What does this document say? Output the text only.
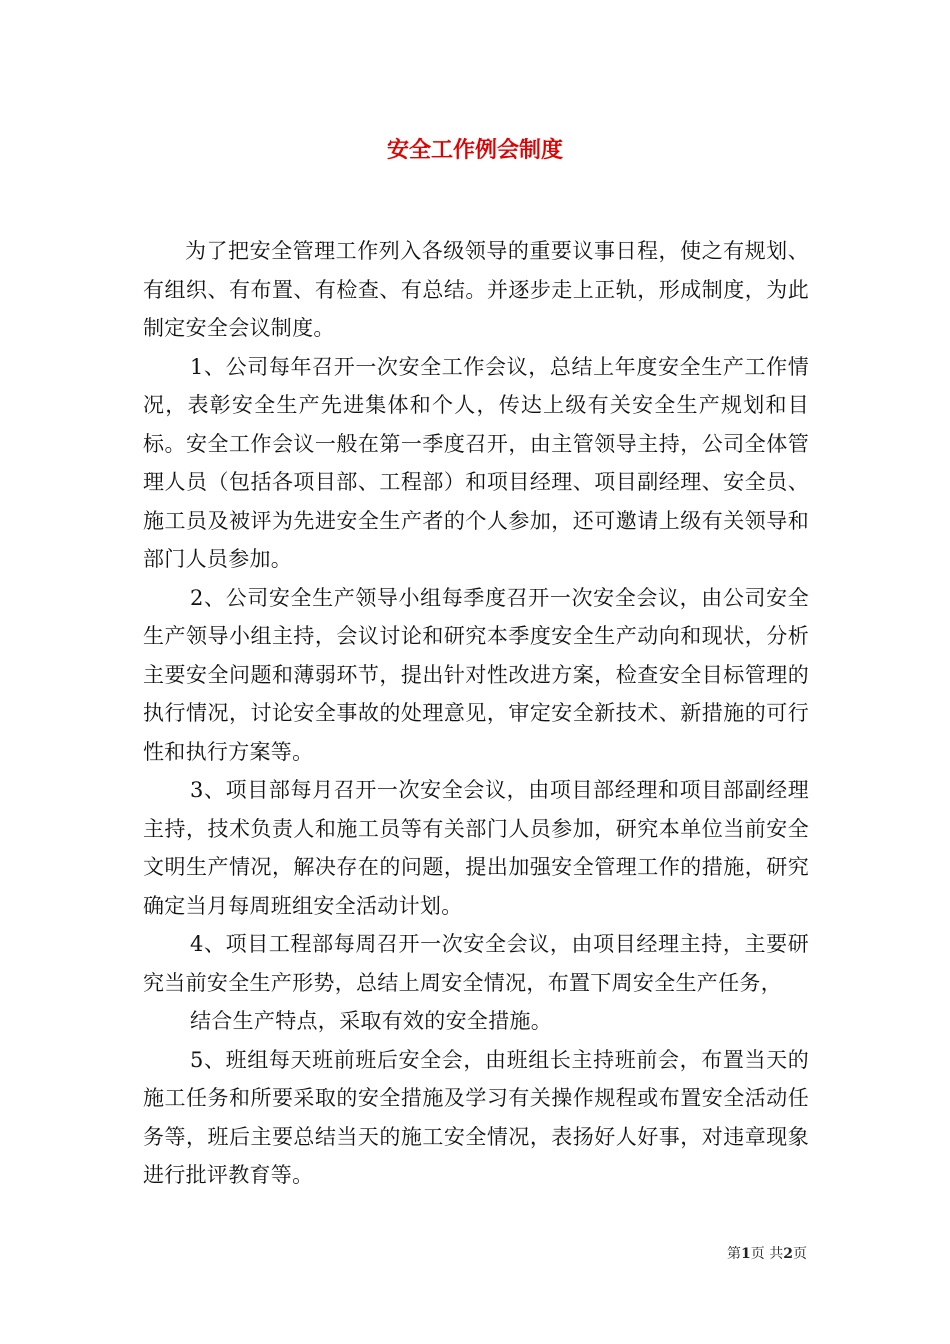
安全工作例会制度

为了把安全管理工作列入各级领导的重要议事日程，使之有规划、有组织、有布置、有检查、有总结。并逐步走上正轨，形成制度，为此制定安全会议制度。

1、公司每年召开一次安全工作会议，总结上年度安全生产工作情况，表彰安全生产先进集体和个人，传达上级有关安全生产规划和目标。安全工作会议一般在第一季度召开，由主管领导主持，公司全体管理人员（包括各项目部、工程部）和项目经理、项目副经理、安全员、施工员及被评为先进安全生产者的个人参加，还可邀请上级有关领导和部门人员参加。

2、公司安全生产领导小组每季度召开一次安全会议，由公司安全生产领导小组主持，会议讨论和研究本季度安全生产动向和现状，分析主要安全问题和薄弱环节，提出针对性改进方案，检查安全目标管理的执行情况，讨论安全事故的处理意见，审定安全新技术、新措施的可行性和执行方案等。

3、项目部每月召开一次安全会议，由项目部经理和项目部副经理主持，技术负责人和施工员等有关部门人员参加，研究本单位当前安全文明生产情况，解决存在的问题，提出加强安全管理工作的措施，研究确定当月每周班组安全活动计划。

4、项目工程部每周召开一次安全会议，由项目经理主持，主要研究当前安全生产形势，总结上周安全情况，布置下周安全生产任务，

结合生产特点，采取有效的安全措施。

5、班组每天班前班后安全会，由班组长主持班前会，布置当天的施工任务和所要采取的安全措施及学习有关操作规程或布置安全活动任务等，班后主要总结当天的施工安全情况，表扬好人好事，对违章现象进行批评教育等。

第1页 共2页
